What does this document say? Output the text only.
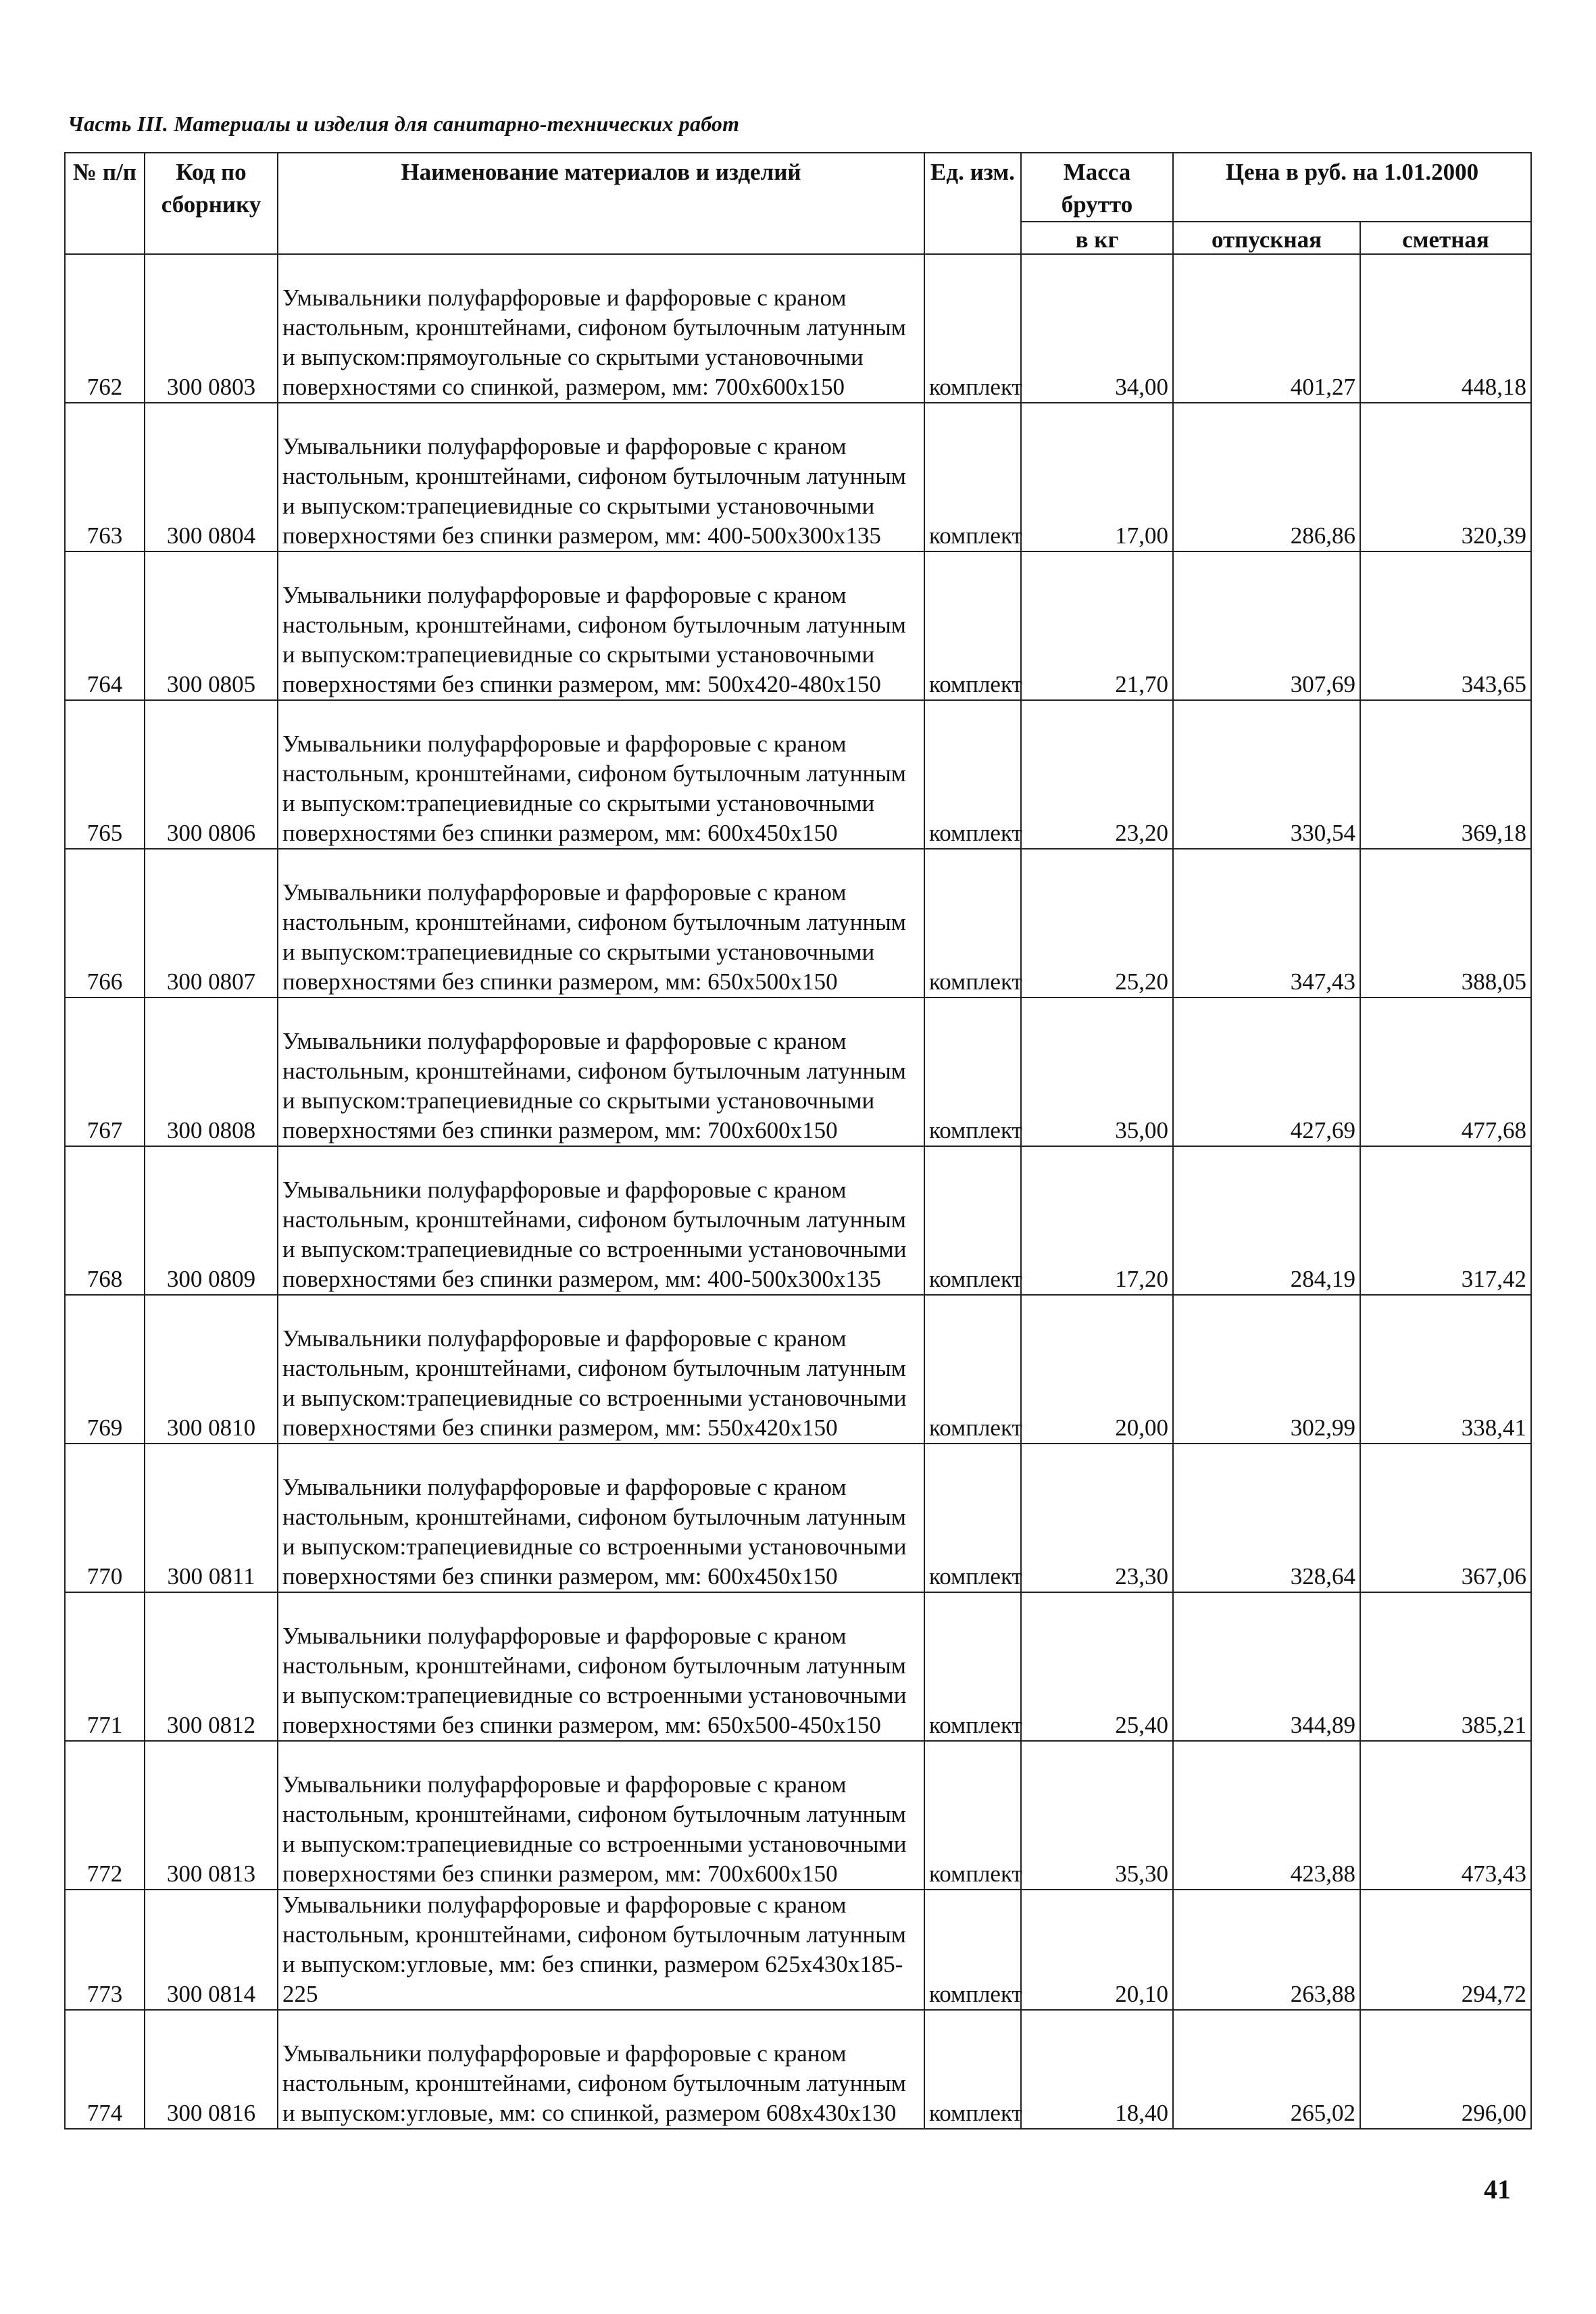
Часть III. Материалы и изделия для санитарно-технических работ
№ п/п	Код по сборнику	Наименование материалов и изделий	Ед. изм.	Масса брутто	Цена в руб. на 1.01.2000	
				в кг	отпускная	сметная
762	300 0803	Умывальники полуфарфоровые и фарфоровые с краном настольным, кронштейнами, сифоном бутылочным латунным и выпуском:прямоугольные со скрытыми установочными поверхностями со спинкой, размером, мм: 700х600х150	комплект	34,00	401,27	448,18
763	300 0804	Умывальники полуфарфоровые и фарфоровые с краном настольным, кронштейнами, сифоном бутылочным латунным и выпуском:трапециевидные со скрытыми установочными поверхностями без спинки размером, мм: 400-500х300х135	комплект	17,00	286,86	320,39
764	300 0805	Умывальники полуфарфоровые и фарфоровые с краном настольным, кронштейнами, сифоном бутылочным латунным и выпуском:трапециевидные со скрытыми установочными поверхностями без спинки размером, мм: 500х420-480х150	комплект	21,70	307,69	343,65
765	300 0806	Умывальники полуфарфоровые и фарфоровые с краном настольным, кронштейнами, сифоном бутылочным латунным и выпуском:трапециевидные со скрытыми установочными поверхностями без спинки размером, мм: 600х450х150	комплект	23,20	330,54	369,18
766	300 0807	Умывальники полуфарфоровые и фарфоровые с краном настольным, кронштейнами, сифоном бутылочным латунным и выпуском:трапециевидные со скрытыми установочными поверхностями без спинки размером, мм: 650х500х150	комплект	25,20	347,43	388,05
767	300 0808	Умывальники полуфарфоровые и фарфоровые с краном настольным, кронштейнами, сифоном бутылочным латунным и выпуском:трапециевидные со скрытыми установочными поверхностями без спинки размером, мм: 700х600х150	комплект	35,00	427,69	477,68
768	300 0809	Умывальники полуфарфоровые и фарфоровые с краном настольным, кронштейнами, сифоном бутылочным латунным и выпуском:трапециевидные со встроенными установочными поверхностями без спинки размером, мм: 400-500х300х135	комплект	17,20	284,19	317,42
769	300 0810	Умывальники полуфарфоровые и фарфоровые с краном настольным, кронштейнами, сифоном бутылочным латунным и выпуском:трапециевидные со встроенными установочными поверхностями без спинки размером, мм: 550х420х150	комплект	20,00	302,99	338,41
770	300 0811	Умывальники полуфарфоровые и фарфоровые с краном настольным, кронштейнами, сифоном бутылочным латунным и выпуском:трапециевидные со встроенными установочными поверхностями без спинки размером, мм: 600х450х150	комплект	23,30	328,64	367,06
771	300 0812	Умывальники полуфарфоровые и фарфоровые с краном настольным, кронштейнами, сифоном бутылочным латунным и выпуском:трапециевидные со встроенными установочными поверхностями без спинки размером, мм: 650х500-450х150	комплект	25,40	344,89	385,21
772	300 0813	Умывальники полуфарфоровые и фарфоровые с краном настольным, кронштейнами, сифоном бутылочным латунным и выпуском:трапециевидные со встроенными установочными поверхностями без спинки размером, мм: 700х600х150	комплект	35,30	423,88	473,43
773	300 0814	Умывальники полуфарфоровые и фарфоровые с краном настольным, кронштейнами, сифоном бутылочным латунным и выпуском:угловые, мм: без спинки, размером 625х430х185-225	комплект	20,10	263,88	294,72
774	300 0816	Умывальники полуфарфоровые и фарфоровые с краном настольным, кронштейнами, сифоном бутылочным латунным и выпуском:угловые, мм: со спинкой, размером 608х430х130	комплект	18,40	265,02	296,00
41
